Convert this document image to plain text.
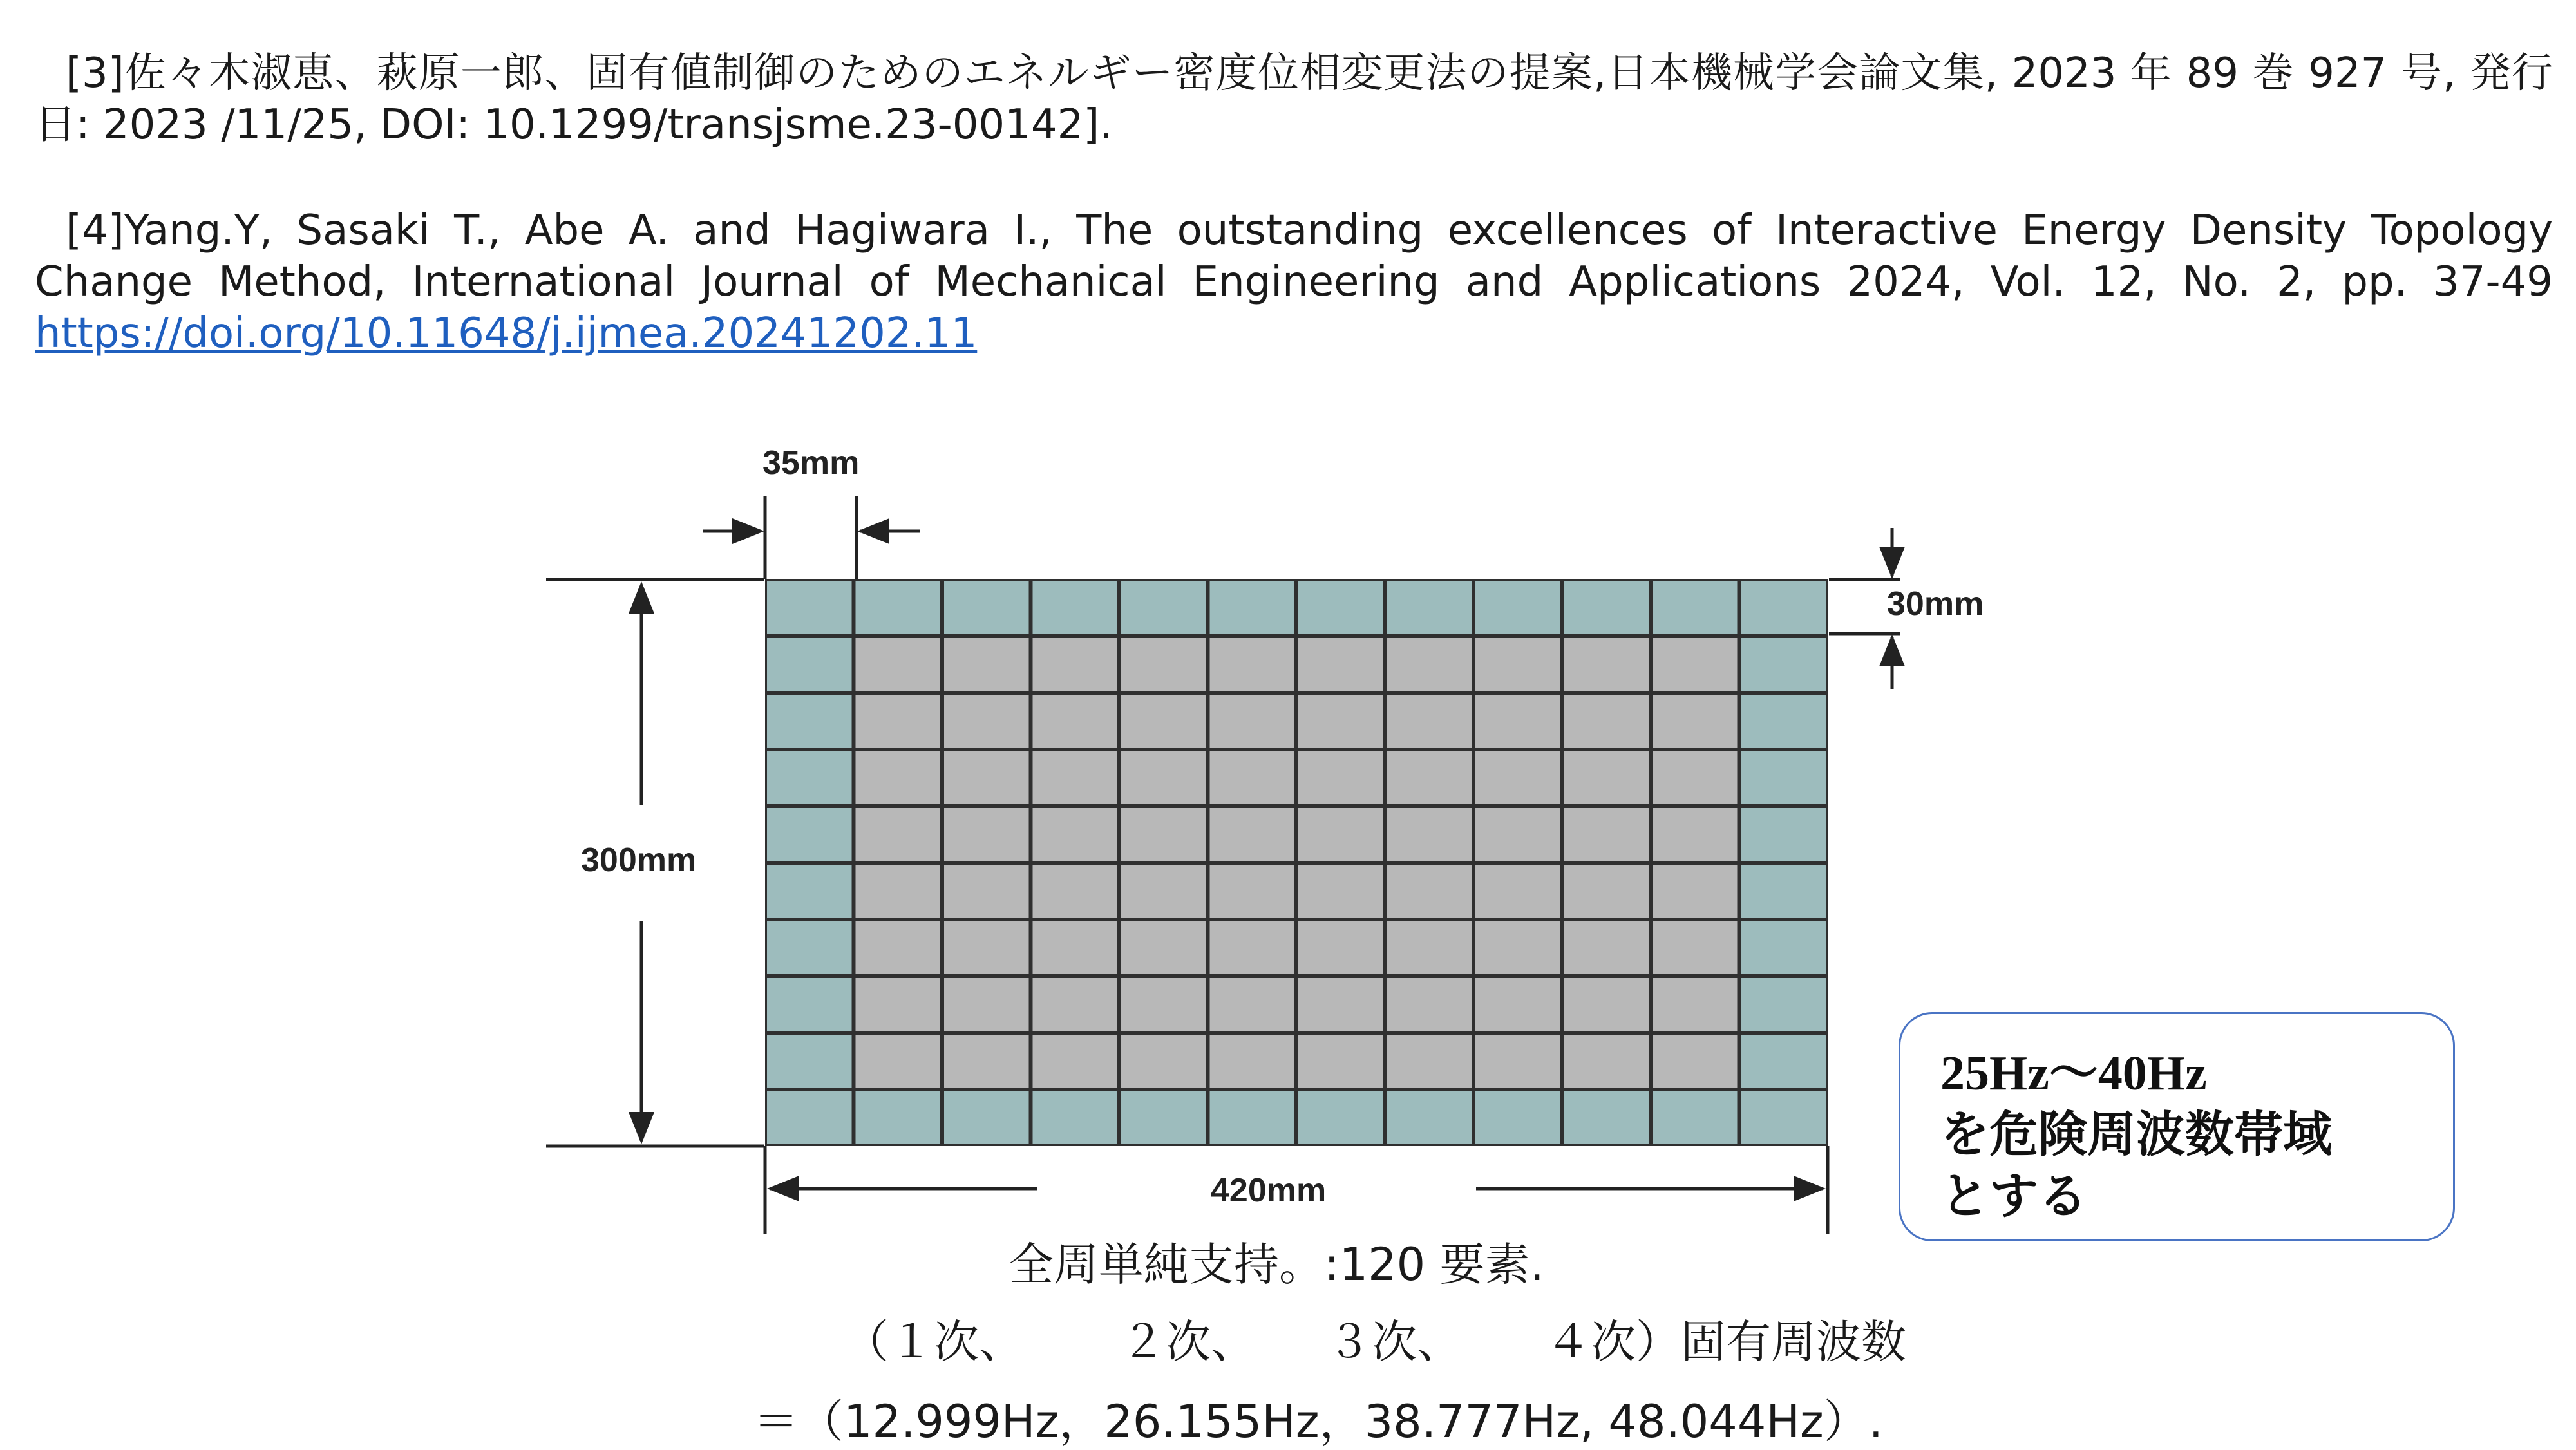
[3]佐々木淑恵、萩原一郎、固有値制御のためのエネルギー密度位相変更法の提案,日本機械学会論文集, 2023 年 89 巻 927 号, 発行日: 2023 /11/25, DOI: 10.1299/transjsme.23-00142].

[4]Yang.Y, Sasaki T., Abe A. and Hagiwara I., The outstanding excellences of Interactive Energy Density Topology Change Method, International Journal of Mechanical Engineering and Applications 2024, Vol. 12, No. 2, pp. 37-49 https://doi.org/10.11648/j.ijmea.20241202.11

35mm
30mm
300mm
420mm
25Hz～40Hz
を危険周波数帯域
とする
全周単純支持。:120 要素.
（１次、 ２次、 ３次、 ４次）固有周波数
＝（12.999Hz，26.155Hz，38.777Hz, 48.044Hz）.
